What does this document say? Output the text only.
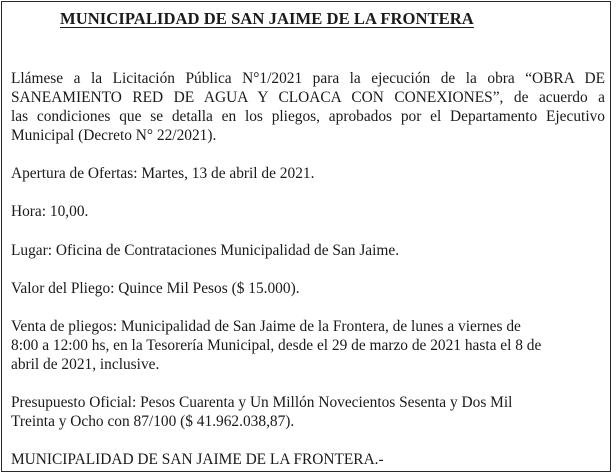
MUNICIPALIDAD DE SAN JAIME DE LA FRONTERA

Llámese a la Licitación Pública N°1/2021 para la ejecución de la obra “OBRA DE
SANEAMIENTO RED DE AGUA Y CLOACA CON CONEXIONES”, de acuerdo a
las condiciones que se detalla en los pliegos, aprobados por el Departamento Ejecutivo
Municipal (Decreto N° 22/2021).

Apertura de Ofertas: Martes, 13 de abril de 2021.

Hora: 10,00.

Lugar: Oficina de Contrataciones Municipalidad de San Jaime.

Valor del Pliego: Quince Mil Pesos ($ 15.000).

Venta de pliegos: Municipalidad de San Jaime de la Frontera, de lunes a viernes de
8:00 a 12:00 hs, en la Tesorería Municipal, desde el 29 de marzo de 2021 hasta el 8 de
abril de 2021, inclusive.

Presupuesto Oficial: Pesos Cuarenta y Un Millón Novecientos Sesenta y Dos Mil
Treinta y Ocho con 87/100 ($ 41.962.038,87).

MUNICIPALIDAD DE SAN JAIME DE LA FRONTERA.-
